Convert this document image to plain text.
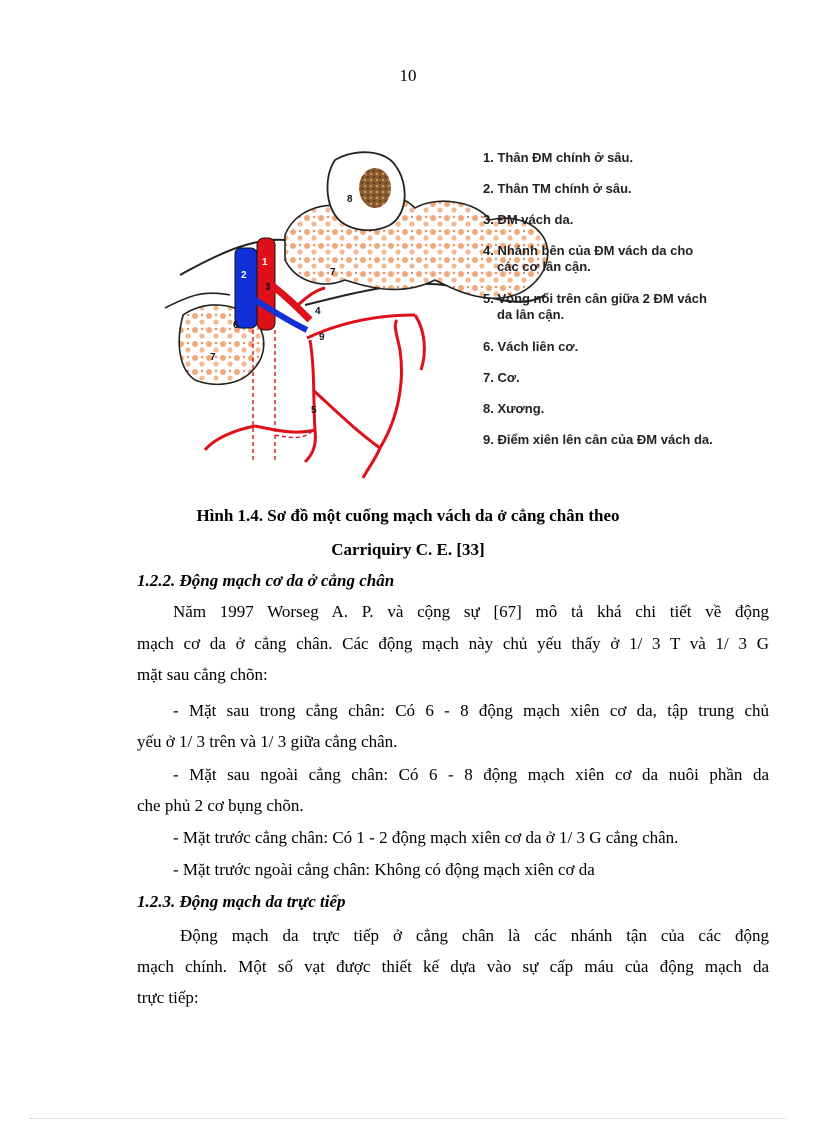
10
1
2
3
4
5
6
7
7
8
9
1. Thân ĐM chính ở sâu.
2. Thân TM chính ở sâu.
3. ĐM vách da.
4. Nhánh bên của ĐM vách da cho
các cơ lân cận.
5. Vòng nối trên cân giữa 2 ĐM vách
da lân cận.
6. Vách liên cơ.
7. Cơ.
8. Xương.
9. Điểm xiên lên cân của ĐM vách da.
Hình 1.4. Sơ đồ một cuống mạch vách da ở cẳng chân theo
Carriquiry C. E. [33]
1.2.2. Động mạch cơ da ở cẳng chân
Năm 1997 Worseg A. P. và cộng sự [67] mô tả khá chi tiết về động
mạch cơ da ở cẳng chân. Các động mạch này chủ yếu thấy ở 1/ 3 T và 1/ 3 G
mặt sau cẳng chõn:
- Mặt sau trong cẳng chân: Có 6 - 8 động mạch xiên cơ da, tập trung chủ
yếu ở 1/ 3 trên và 1/ 3 giữa cẳng chân.
- Mặt sau ngoài cẳng chân: Có 6 - 8 động mạch xiên cơ da nuôi phần da
che phủ 2 cơ bụng chõn.
- Mặt trước cẳng chân: Có 1 - 2 động mạch xiên cơ da ở 1/ 3 G cẳng chân.
- Mặt trước ngoài cẳng chân: Không có động mạch xiên cơ da
1.2.3. Động mạch da trực tiếp
Động mạch da trực tiếp ở cẳng chân là các nhánh tận của các động
mạch chính. Một số vạt được thiết kế dựa vào sự cấp máu của động mạch da
trực tiếp:
